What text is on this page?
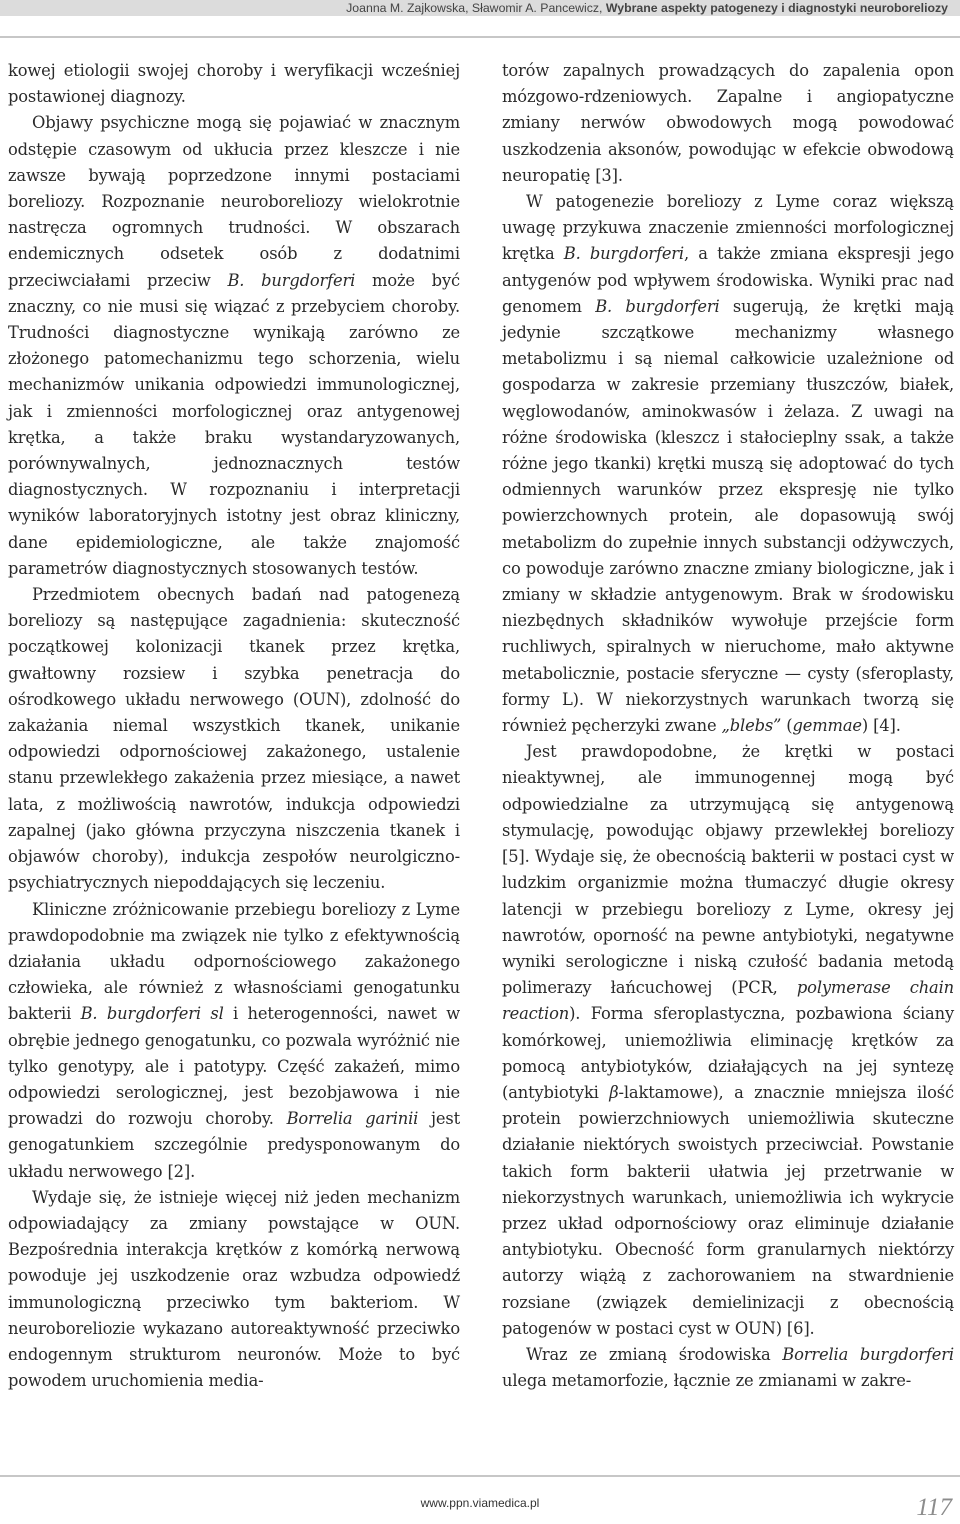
Joanna M. Zajkowska, Sławomir A. Pancewicz, Wybrane aspekty patogenezy i diagnostyki neuroboreliozy

kowej etiologii swojej choroby i weryfikacji wcześniej postawionej diagnozy.

Objawy psychiczne mogą się pojawiać w znacznym odstępie czasowym od ukłucia przez kleszcze i nie zawsze bywają poprzedzone innymi postaciami boreliozy. Rozpoznanie neuroboreliozy wielokrotnie nastręcza ogromnych trudności. W obszarach endemicznych odsetek osób z dodatnimi przeciwciałami przeciw B. burgdorferi może być znaczny, co nie musi się wiązać z przebyciem choroby. Trudności diagnostyczne wynikają zarówno ze złożonego patomechanizmu tego schorzenia, wielu mechanizmów unikania odpowiedzi immunologicznej, jak i zmienności morfologicznej oraz antygenowej krętka, a także braku wystandaryzowanych, porównywalnych, jednoznacznych testów diagnostycznych. W rozpoznaniu i interpretacji wyników laboratoryjnych istotny jest obraz kliniczny, dane epidemiologiczne, ale także znajomość parametrów diagnostycznych stosowanych testów.

Przedmiotem obecnych badań nad patogenezą boreliozy są następujące zagadnienia: skuteczność początkowej kolonizacji tkanek przez krętka, gwałtowny rozsiew i szybka penetracja do ośrodkowego układu nerwowego (OUN), zdolność do zakażania niemal wszystkich tkanek, unikanie odpowiedzi odpornościowej zakażonego, ustalenie stanu przewlekłego zakażenia przez miesiące, a nawet lata, z możliwością nawrotów, indukcja odpowiedzi zapalnej (jako główna przyczyna niszczenia tkanek i objawów choroby), indukcja zespołów neurolgiczno-psychiatrycznych niepoddających się leczeniu.

Kliniczne zróżnicowanie przebiegu boreliozy z Lyme prawdopodobnie ma związek nie tylko z efektywnością działania układu odpornościowego zakażonego człowieka, ale również z własnościami genogatunku bakterii B. burgdorferi sl i heterogenności, nawet w obrębie jednego genogatunku, co pozwala wyróżnić nie tylko genotypy, ale i patotypy. Część zakażeń, mimo odpowiedzi serologicznej, jest bezobjawowa i nie prowadzi do rozwoju choroby. Borrelia garinii jest genogatunkiem szczególnie predysponowanym do układu nerwowego [2].

Wydaje się, że istnieje więcej niż jeden mechanizm odpowiadający za zmiany powstające w OUN. Bezpośrednia interakcja krętków z komórką nerwową powoduje jej uszkodzenie oraz wzbudza odpowiedź immunologiczną przeciwko tym bakteriom. W neuroboreliozie wykazano autoreaktywność przeciwko endogennym strukturom neuronów. Może to być powodem uruchomienia media-

torów zapalnych prowadzących do zapalenia opon mózgowo-rdzeniowych. Zapalne i angiopatyczne zmiany nerwów obwodowych mogą powodować uszkodzenia aksonów, powodując w efekcie obwodową neuropatię [3].

W patogenezie boreliozy z Lyme coraz większą uwagę przykuwa znaczenie zmienności morfologicznej krętka B. burgdorferi, a także zmiana ekspresji jego antygenów pod wpływem środowiska. Wyniki prac nad genomem B. burgdorferi sugerują, że krętki mają jedynie szczątkowe mechanizmy własnego metabolizmu i są niemal całkowicie uzależnione od gospodarza w zakresie przemiany tłuszczów, białek, węglowodanów, aminokwasów i żelaza. Z uwagi na różne środowiska (kleszcz i stałocieplny ssak, a także różne jego tkanki) krętki muszą się adoptować do tych odmiennych warunków przez ekspresję nie tylko powierzchownych protein, ale dopasowują swój metabolizm do zupełnie innych substancji odżywczych, co powoduje zarówno znaczne zmiany biologiczne, jak i zmiany w składzie antygenowym. Brak w środowisku niezbędnych składników wywołuje przejście form ruchliwych, spiralnych w nieruchome, mało aktywne metabolicznie, postacie sferyczne — cysty (sferoplasty, formy L). W niekorzystnych warunkach tworzą się również pęcherzyki zwane „blebs” (gemmae) [4].

Jest prawdopodobne, że krętki w postaci nieaktywnej, ale immunogennej mogą być odpowiedzialne za utrzymującą się antygenową stymulację, powodując objawy przewlekłej boreliozy [5]. Wydaje się, że obecnością bakterii w postaci cyst w ludzkim organizmie można tłumaczyć długie okresy latencji w przebiegu boreliozy z Lyme, okresy jej nawrotów, oporność na pewne antybiotyki, negatywne wyniki serologiczne i niską czułość badania metodą polimerazy łańcuchowej (PCR, polymerase chain reaction). Forma sferoplastyczna, pozbawiona ściany komórkowej, uniemożliwia eliminację krętków za pomocą antybiotyków, działających na jej syntezę (antybiotyki β-laktamowe), a znacznie mniejsza ilość protein powierzchniowych uniemożliwia skuteczne działanie niektórych swoistych przeciwciał. Powstanie takich form bakterii ułatwia jej przetrwanie w niekorzystnych warunkach, uniemożliwia ich wykrycie przez układ odpornościowy oraz eliminuje działanie antybiotyku. Obecność form granularnych niektórzy autorzy wiążą z zachorowaniem na stwardnienie rozsiane (związek demielinizacji z obecnością patogenów w postaci cyst w OUN) [6].

Wraz ze zmianą środowiska Borrelia burgdorferi ulega metamorfozie, łącznie ze zmianami w zakre-

www.ppn.viamedica.pl	117
